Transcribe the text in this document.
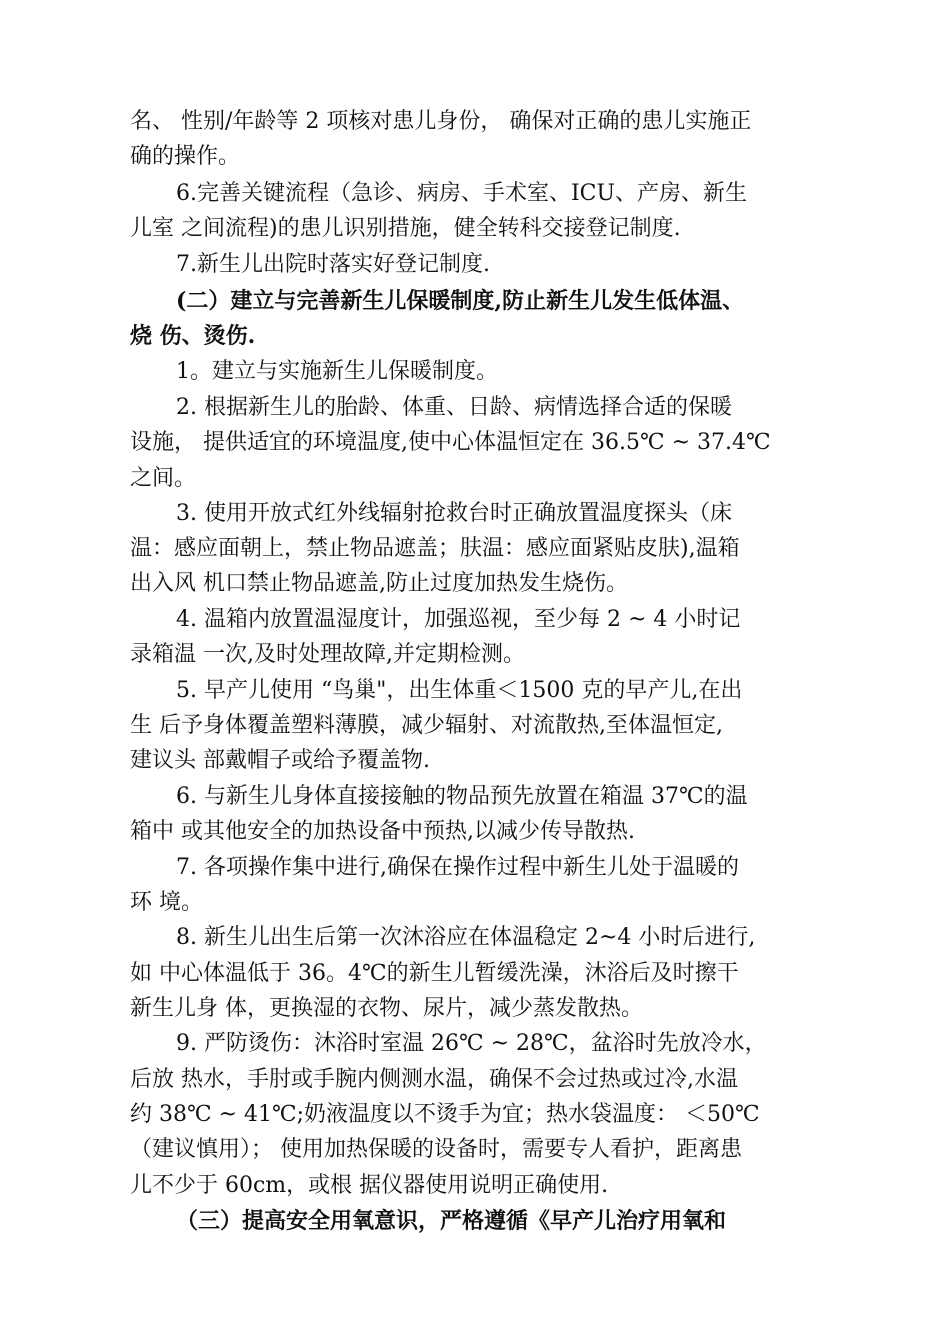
名、 性别/年龄等 2 项核对患儿身份， 确保对正确的患儿实施正
确的操作。
6.完善关键流程（急诊、病房、手术室、ICU、产房、新生
儿室 之间流程)的患儿识别措施，健全转科交接登记制度.
7.新生儿出院时落实好登记制度.
(二）建立与完善新生儿保暖制度,防止新生儿发生低体温、
烧 伤、烫伤.
1。建立与实施新生儿保暖制度。
2. 根据新生儿的胎龄、体重、日龄、病情选择合适的保暖
设施， 提供适宜的环境温度,使中心体温恒定在 36.5℃ ~ 37.4℃
之间。
3. 使用开放式红外线辐射抢救台时正确放置温度探头（床
温：感应面朝上，禁止物品遮盖；肤温：感应面紧贴皮肤),温箱
出入风 机口禁止物品遮盖,防止过度加热发生烧伤。
4. 温箱内放置温湿度计，加强巡视，至少每 2 ~ 4 小时记
录箱温 一次,及时处理故障,并定期检测。
5. 早产儿使用 “鸟巢"，出生体重＜1500 克的早产儿,在出
生 后予身体覆盖塑料薄膜，减少辐射、对流散热,至体温恒定,
建议头 部戴帽子或给予覆盖物.
6. 与新生儿身体直接接触的物品预先放置在箱温 37℃的温
箱中 或其他安全的加热设备中预热,以减少传导散热.
7. 各项操作集中进行,确保在操作过程中新生儿处于温暖的
环 境。
8. 新生儿出生后第一次沐浴应在体温稳定 2~4 小时后进行,
如 中心体温低于 36。4℃的新生儿暂缓洗澡，沐浴后及时擦干
新生儿身 体，更换湿的衣物、尿片，减少蒸发散热。
9. 严防烫伤：沐浴时室温 26℃ ~ 28℃，盆浴时先放冷水，
后放 热水，手肘或手腕内侧测水温，确保不会过热或过冷,水温
约 38℃ ~ 41℃;奶液温度以不烫手为宜；热水袋温度： ＜50℃
（建议慎用）； 使用加热保暖的设备时，需要专人看护，距离患
儿不少于 60cm，或根 据仪器使用说明正确使用.
（三）提高安全用氧意识，严格遵循《早产儿治疗用氧和
